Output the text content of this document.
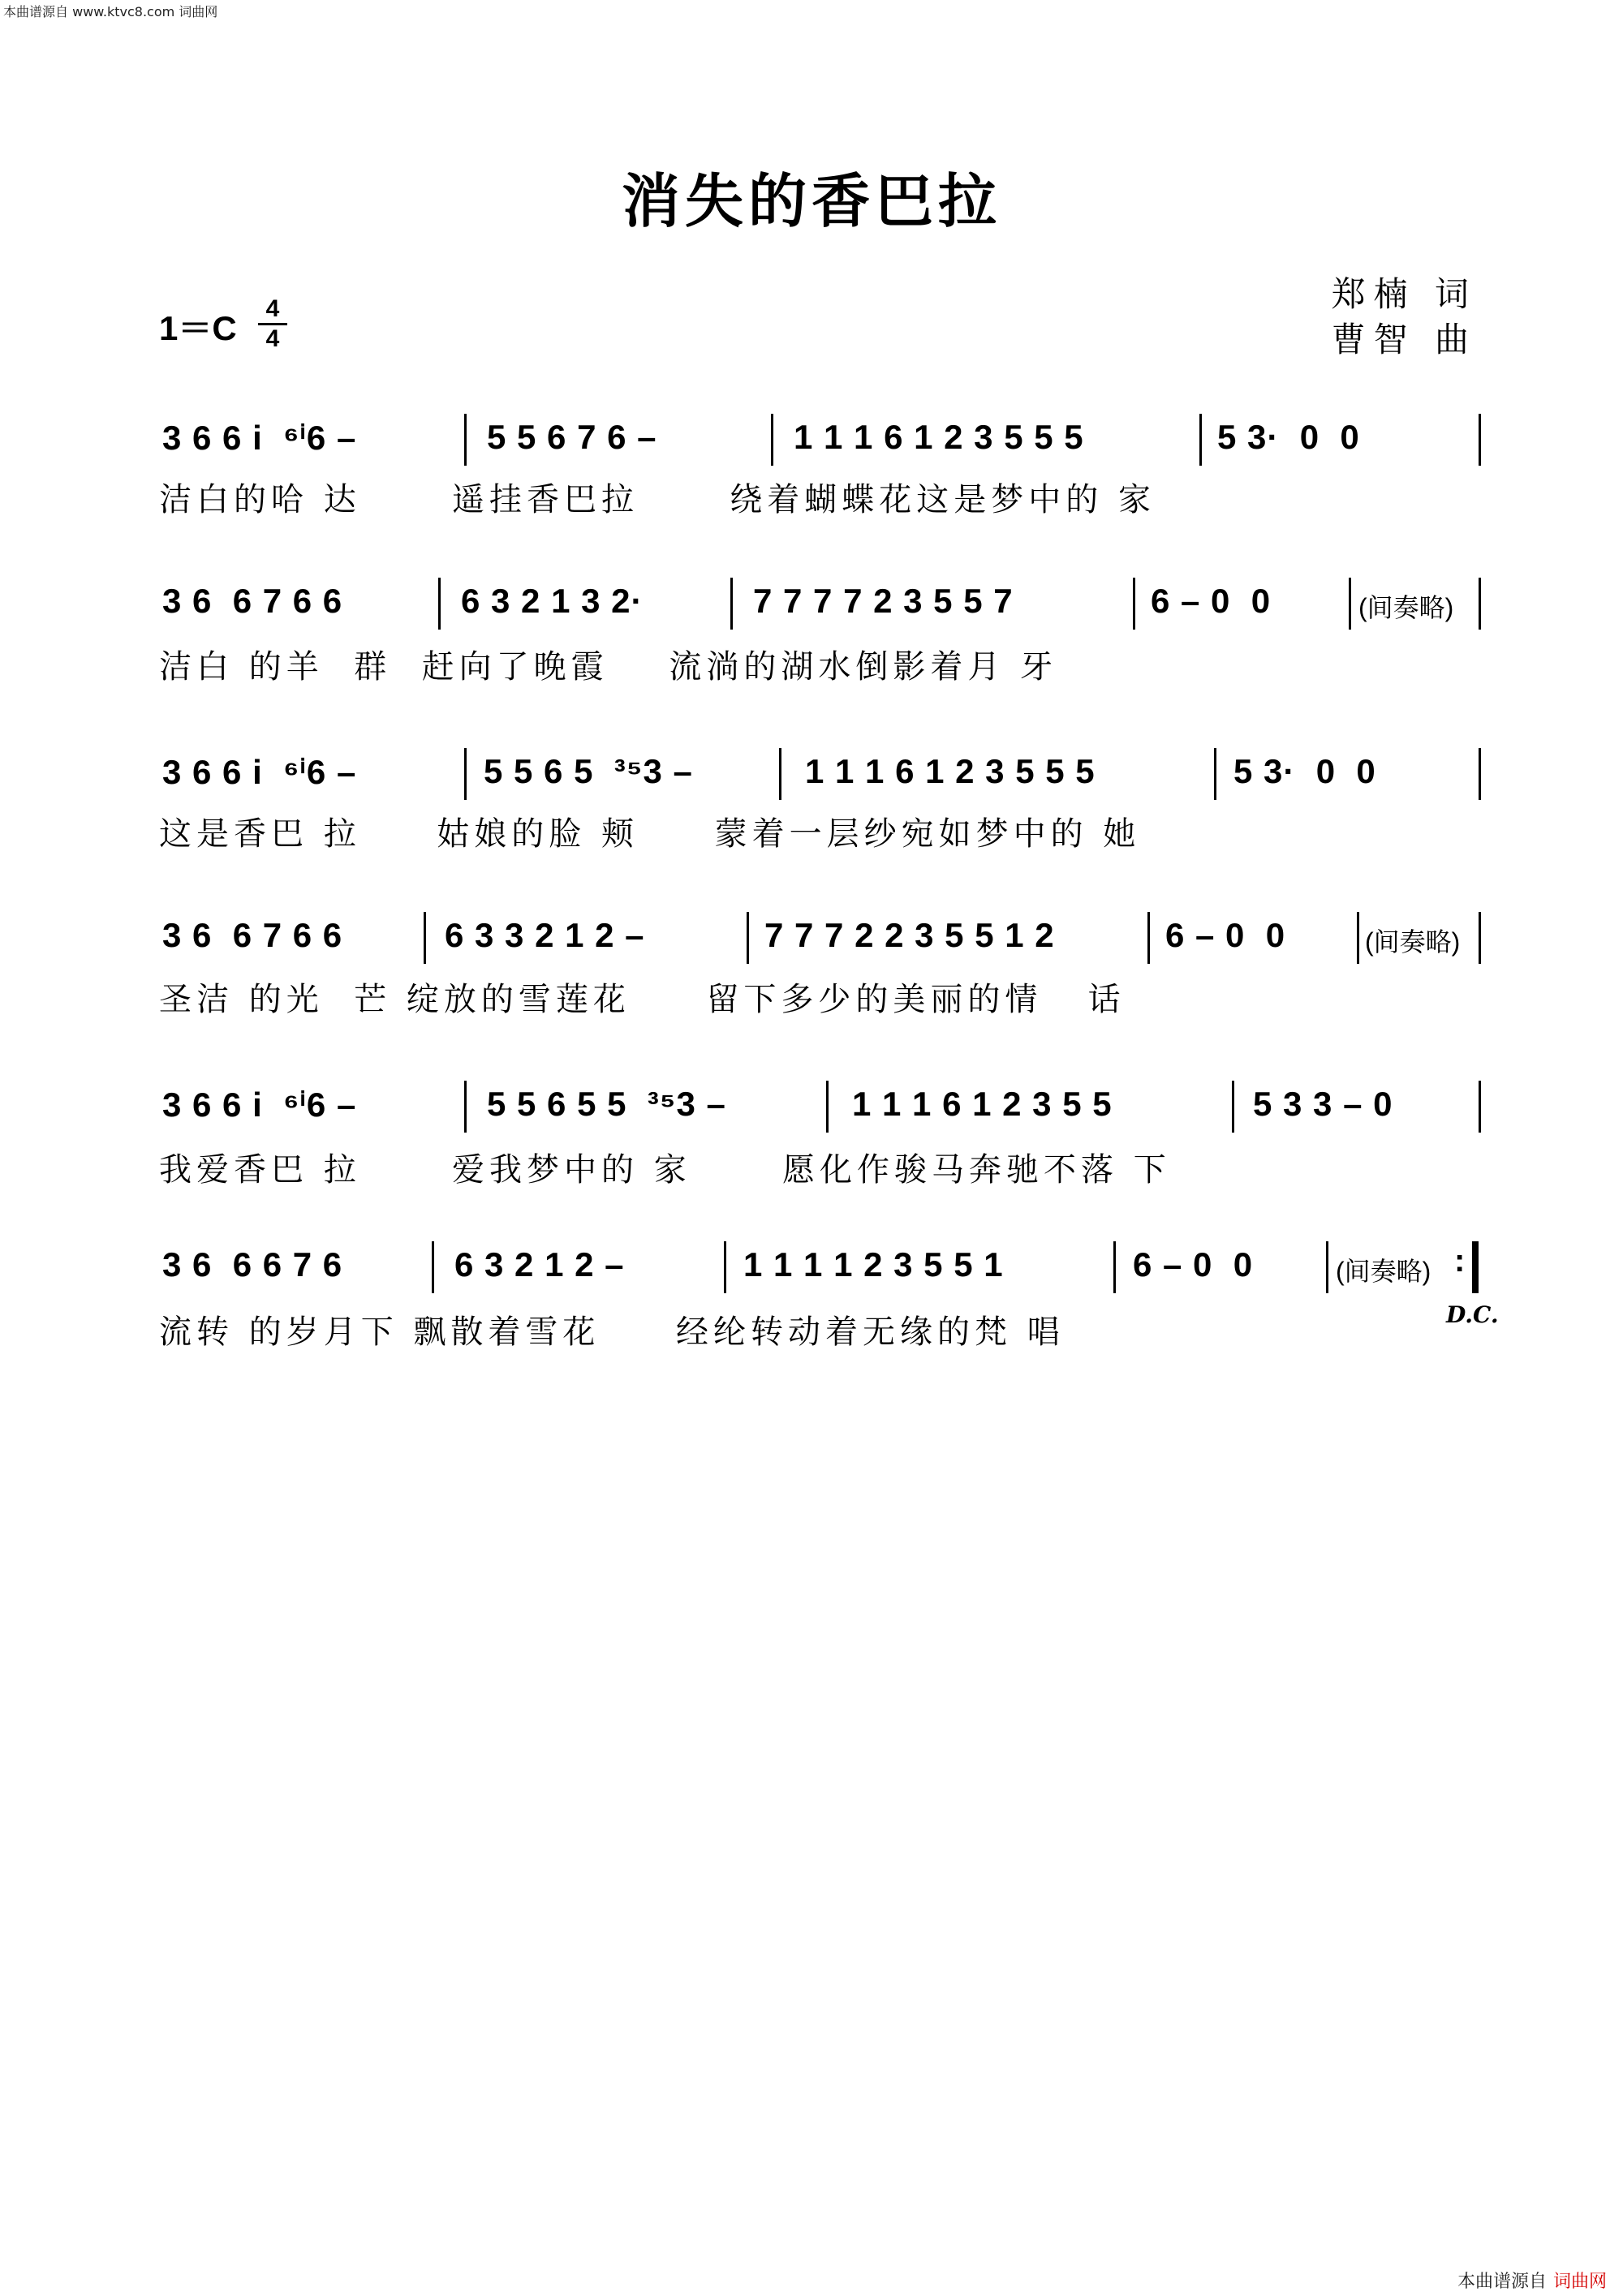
本曲谱源自 www.ktvc8.com 词曲网
消失的香巴拉
1＝C
4
4
郑楠 词
曹智 曲
3 6 6 i  ⁶ⁱ6 –	5 5 6 7 6 –	1 1 1 6 1 2 3 5 5 5	5 3·  0  0
洁白的哈 达      遥挂香巴拉      绕着蝴蝶花这是梦中的 家
3 6  6 7 6 6	6 3 2 1 3 2·	7 7 7 7 2 3 5 5 7	6 – 0  0	(间奏略)
洁白 的羊  群  赶向了晚霞    流淌的湖水倒影着月 牙
3 6 6 i  ⁶ⁱ6 –	5 5 6 5  ³⁵3 –	1 1 1 6 1 2 3 5 5 5	5 3·  0  0
这是香巴 拉     姑娘的脸 颊     蒙着一层纱宛如梦中的 她
3 6  6 7 6 6	6 3 3 2 1 2 –	7 7 7 2 2 3 5 5 1 2	6 – 0  0	(间奏略)
圣洁 的光  芒 绽放的雪莲花     留下多少的美丽的情   话
3 6 6 i  ⁶ⁱ6 –	5 5 6 5 5  ³⁵3 –	1 1 1 6 1 2 3 5 5	5 3 3 – 0
我爱香巴 拉      爱我梦中的 家      愿化作骏马奔驰不落 下
3 6  6 6 7 6	6 3 2 1 2 –	1 1 1 1 2 3 5 5 1	6 – 0  0	(间奏略) :
D.C.
流转 的岁月下 飘散着雪花     经纶转动着无缘的梵 唱
本曲谱源自 词曲网
